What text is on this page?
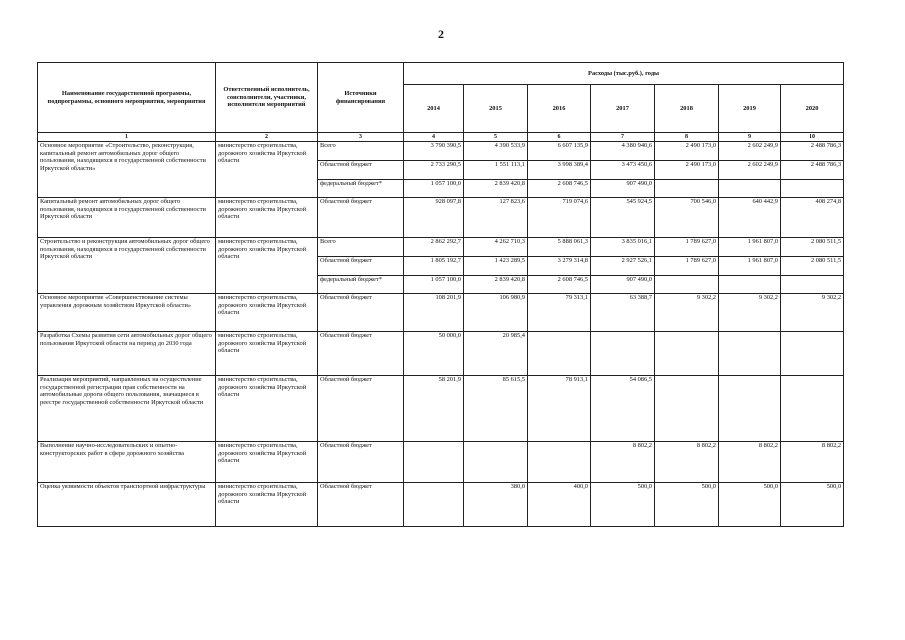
2
Наименование государственной программы, подпрограммы, основного мероприятия, мероприятия	Ответственный исполнитель, соисполнители, участники, исполнители мероприятий	Источники финансирования	Расходы (тыс.руб.), годы						
			2014	2015	2016	2017	2018	2019	2020
1	2	3	4	5	6	7	8	9	10
Основное мероприятие «Строительство, реконструкция, капитальный ремонт автомобильных дорог общего пользования, находящихся в государственной собственности Иркутской области»	министерство строительства, дорожного хозяйства Иркутской области	Всего	3 790 390,5	4 390 533,9	6 607 135,9	4 380 940,6	2 490 173,0	2 602 249,9	2 488 786,3
		Областной бюджет	2 733 290,5	1 551 113,1	3 998 389,4	3 473 450,6	2 490 173,0	2 602 249,9	2 488 786,3
		федеральный бюджет*	1 057 100,0	2 839 420,8	2 608 746,5	907 490,0			
Капитальный ремонт автомобильных дорог общего пользования, находящихся в государственной собственности Иркутской области	министерство строительства, дорожного хозяйства Иркутской области	Областной бюджет	928 097,8	127 823,6	719 074,6	545 924,5	700 546,0	640 442,9	408 274,8
Строительство и реконструкция автомобильных дорог общего пользования, находящихся в государственной собственности Иркутской области	министерство строительства, дорожного хозяйства Иркутской области	Всего	2 862 292,7	4 262 710,3	5 888 061,3	3 835 016,1	1 789 627,0	1 961 807,0	2 080 511,5
		Областной бюджет	1 805 192,7	1 423 289,5	3 279 314,8	2 927 526,1	1 789 627,0	1 961 807,0	2 080 511,5
		федеральный бюджет*	1 057 100,0	2 839 420,8	2 608 746,5	907 490,0			
Основное мероприятие «Совершенствование системы управления дорожным хозяйством Иркутской области»	министерство строительства, дорожного хозяйства Иркутской области	Областной бюджет	108 201,9	106 980,9	79 313,1	63 388,7	9 302,2	9 302,2	9 302,2
Разработка Схемы развития сети автомобильных дорог общего пользования Иркутской области на период до 2030 года	министерство строительства, дорожного хозяйства Иркутской области	Областной бюджет	50 000,0	20 985,4					
Реализация мероприятий, направленных на осуществление государственной регистрации прав собственности на автомобильные дороги общего пользования, значащиеся в реестре государственной собственности Иркутской области	министерство строительства, дорожного хозяйства Иркутской области	Областной бюджет	58 201,9	85 615,5	78 913,1	54 086,5			
Выполнение научно-исследовательских и опытно-конструкторских работ в сфере дорожного хозяйства	министерство строительства, дорожного хозяйства Иркутской области	Областной бюджет				8 802,2	8 802,2	8 802,2	8 802,2
Оценка уязвимости объектов транспортной инфраструктуры	министерство строительства, дорожного хозяйства Иркутской области	Областной бюджет		380,0	400,0	500,0	500,0	500,0	500,0
